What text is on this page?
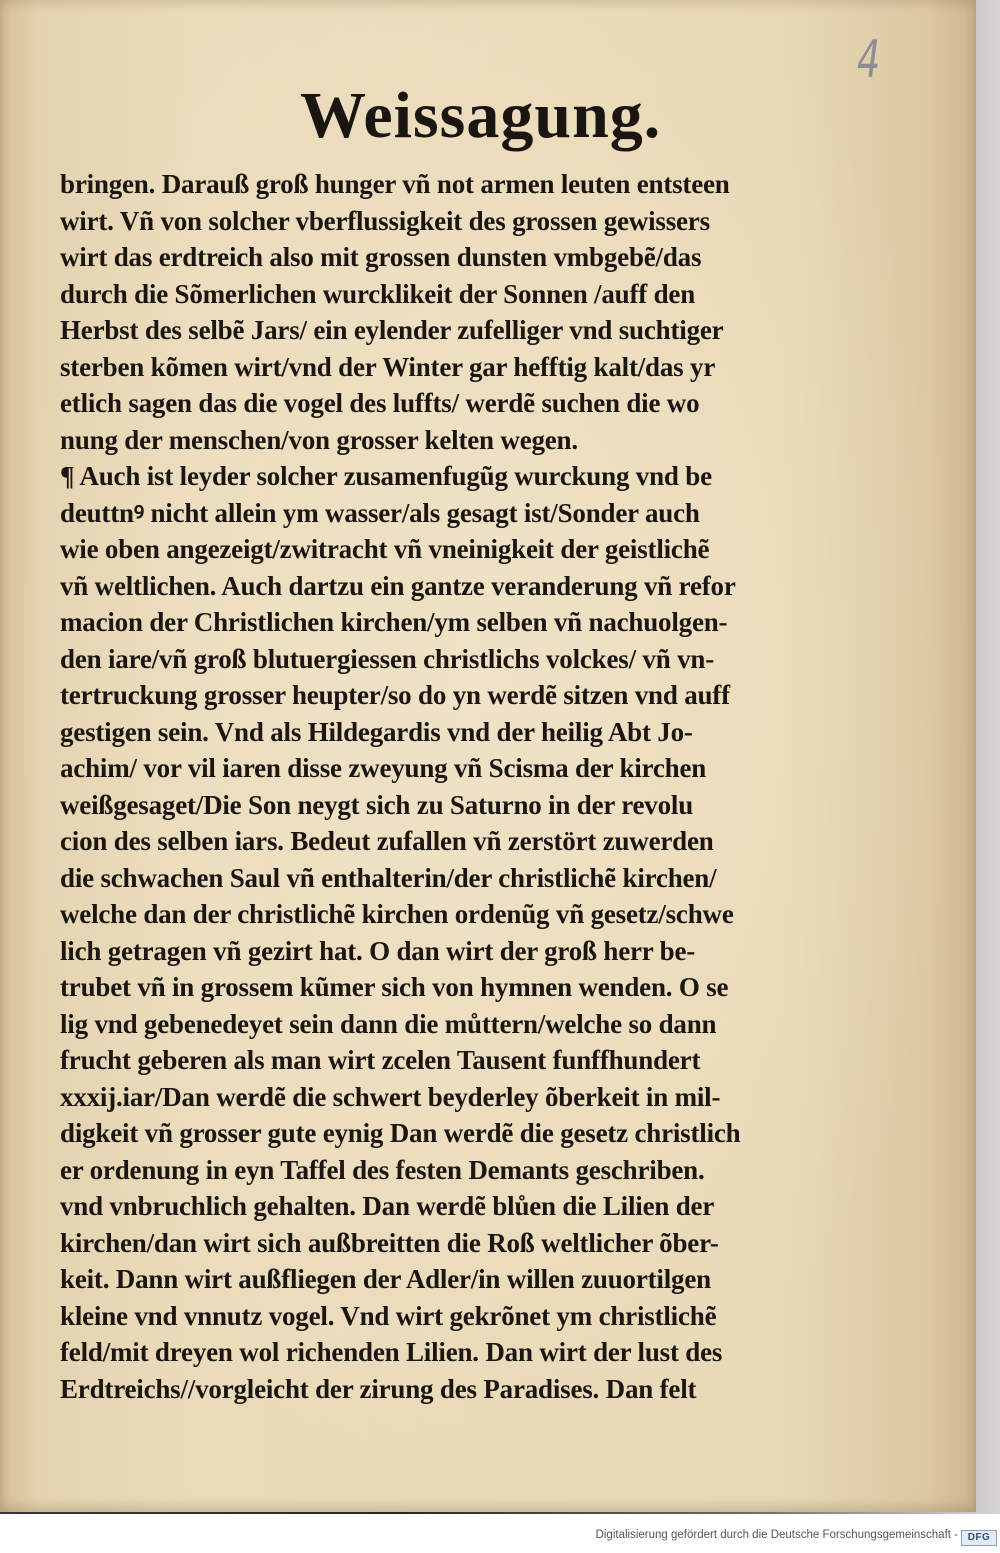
4
Weissagung.
bringen. Darauß groß hunger vñ not armen leuten entsteen
wirt. Vñ von solcher vberflussigkeit des grossen gewissers
wirt das erdtreich also mit grossen dunsten vmbgebẽ/das
durch die Sõmerlichen wurcklikeit der Sonnen /auff den
Herbst des selbẽ Jars/ ein eylender zufelliger vnd suchtiger
sterben kõmen wirt/vnd der Winter gar hefftig kalt/das yr
etlich sagen das die vogel des luffts/ werdẽ suchen die wo
nung der menschen/von grosser kelten wegen.
¶ Auch ist leyder solcher zusamenfugũg wurckung vnd be
deuttnꝰ nicht allein ym wasser/als gesagt ist/Sonder auch
wie oben angezeigt/zwitracht vñ vneinigkeit der geistlichẽ
vñ weltlichen. Auch dartzu ein gantze veranderung vñ refor
macion der Christlichen kirchen/ym selben vñ nachuolgen-
den iare/vñ groß blutuergiessen christlichs volckes/ vñ vn-
tertruckung grosser heupter/so do yn werdẽ sitzen vnd auff
gestigen sein. Vnd als Hildegardis vnd der heilig Abt Jo-
achim/ vor vil iaren disse zweyung vñ Scisma der kirchen
weißgesaget/Die Son neygt sich zu Saturno in der revolu
cion des selben iars. Bedeut zufallen vñ zerstört zuwerden
die schwachen Saul vñ enthalterin/der christlichẽ kirchen/
welche dan der christlichẽ kirchen ordenũg vñ gesetz/schwe
lich getragen vñ gezirt hat. O dan wirt der groß herr be-
trubet vñ in grossem kũmer sich von hymnen wenden. O se
lig vnd gebenedeyet sein dann die můttern/welche so dann
frucht geberen als man wirt zcelen Tausent funffhundert
xxxij.iar/Dan werdẽ die schwert beyderley õberkeit in mil-
digkeit vñ grosser gute eynig Dan werdẽ die gesetz christlich
er ordenung in eyn Taffel des festen Demants geschriben.
vnd vnbruchlich gehalten. Dan werdẽ blůen die Lilien der
kirchen/dan wirt sich außbreitten die Roß weltlicher õber-
keit. Dann wirt außfliegen der Adler/in willen zuuortilgen
kleine vnd vnnutz vogel. Vnd wirt gekrõnet ym christlichẽ
feld/mit dreyen wol richenden Lilien. Dan wirt der lust des
Erdtreichs//vorgleicht der zirung des Paradises. Dan felt
Digitalisierung gefördert durch die Deutsche Forschungsgemeinschaft - DFG
